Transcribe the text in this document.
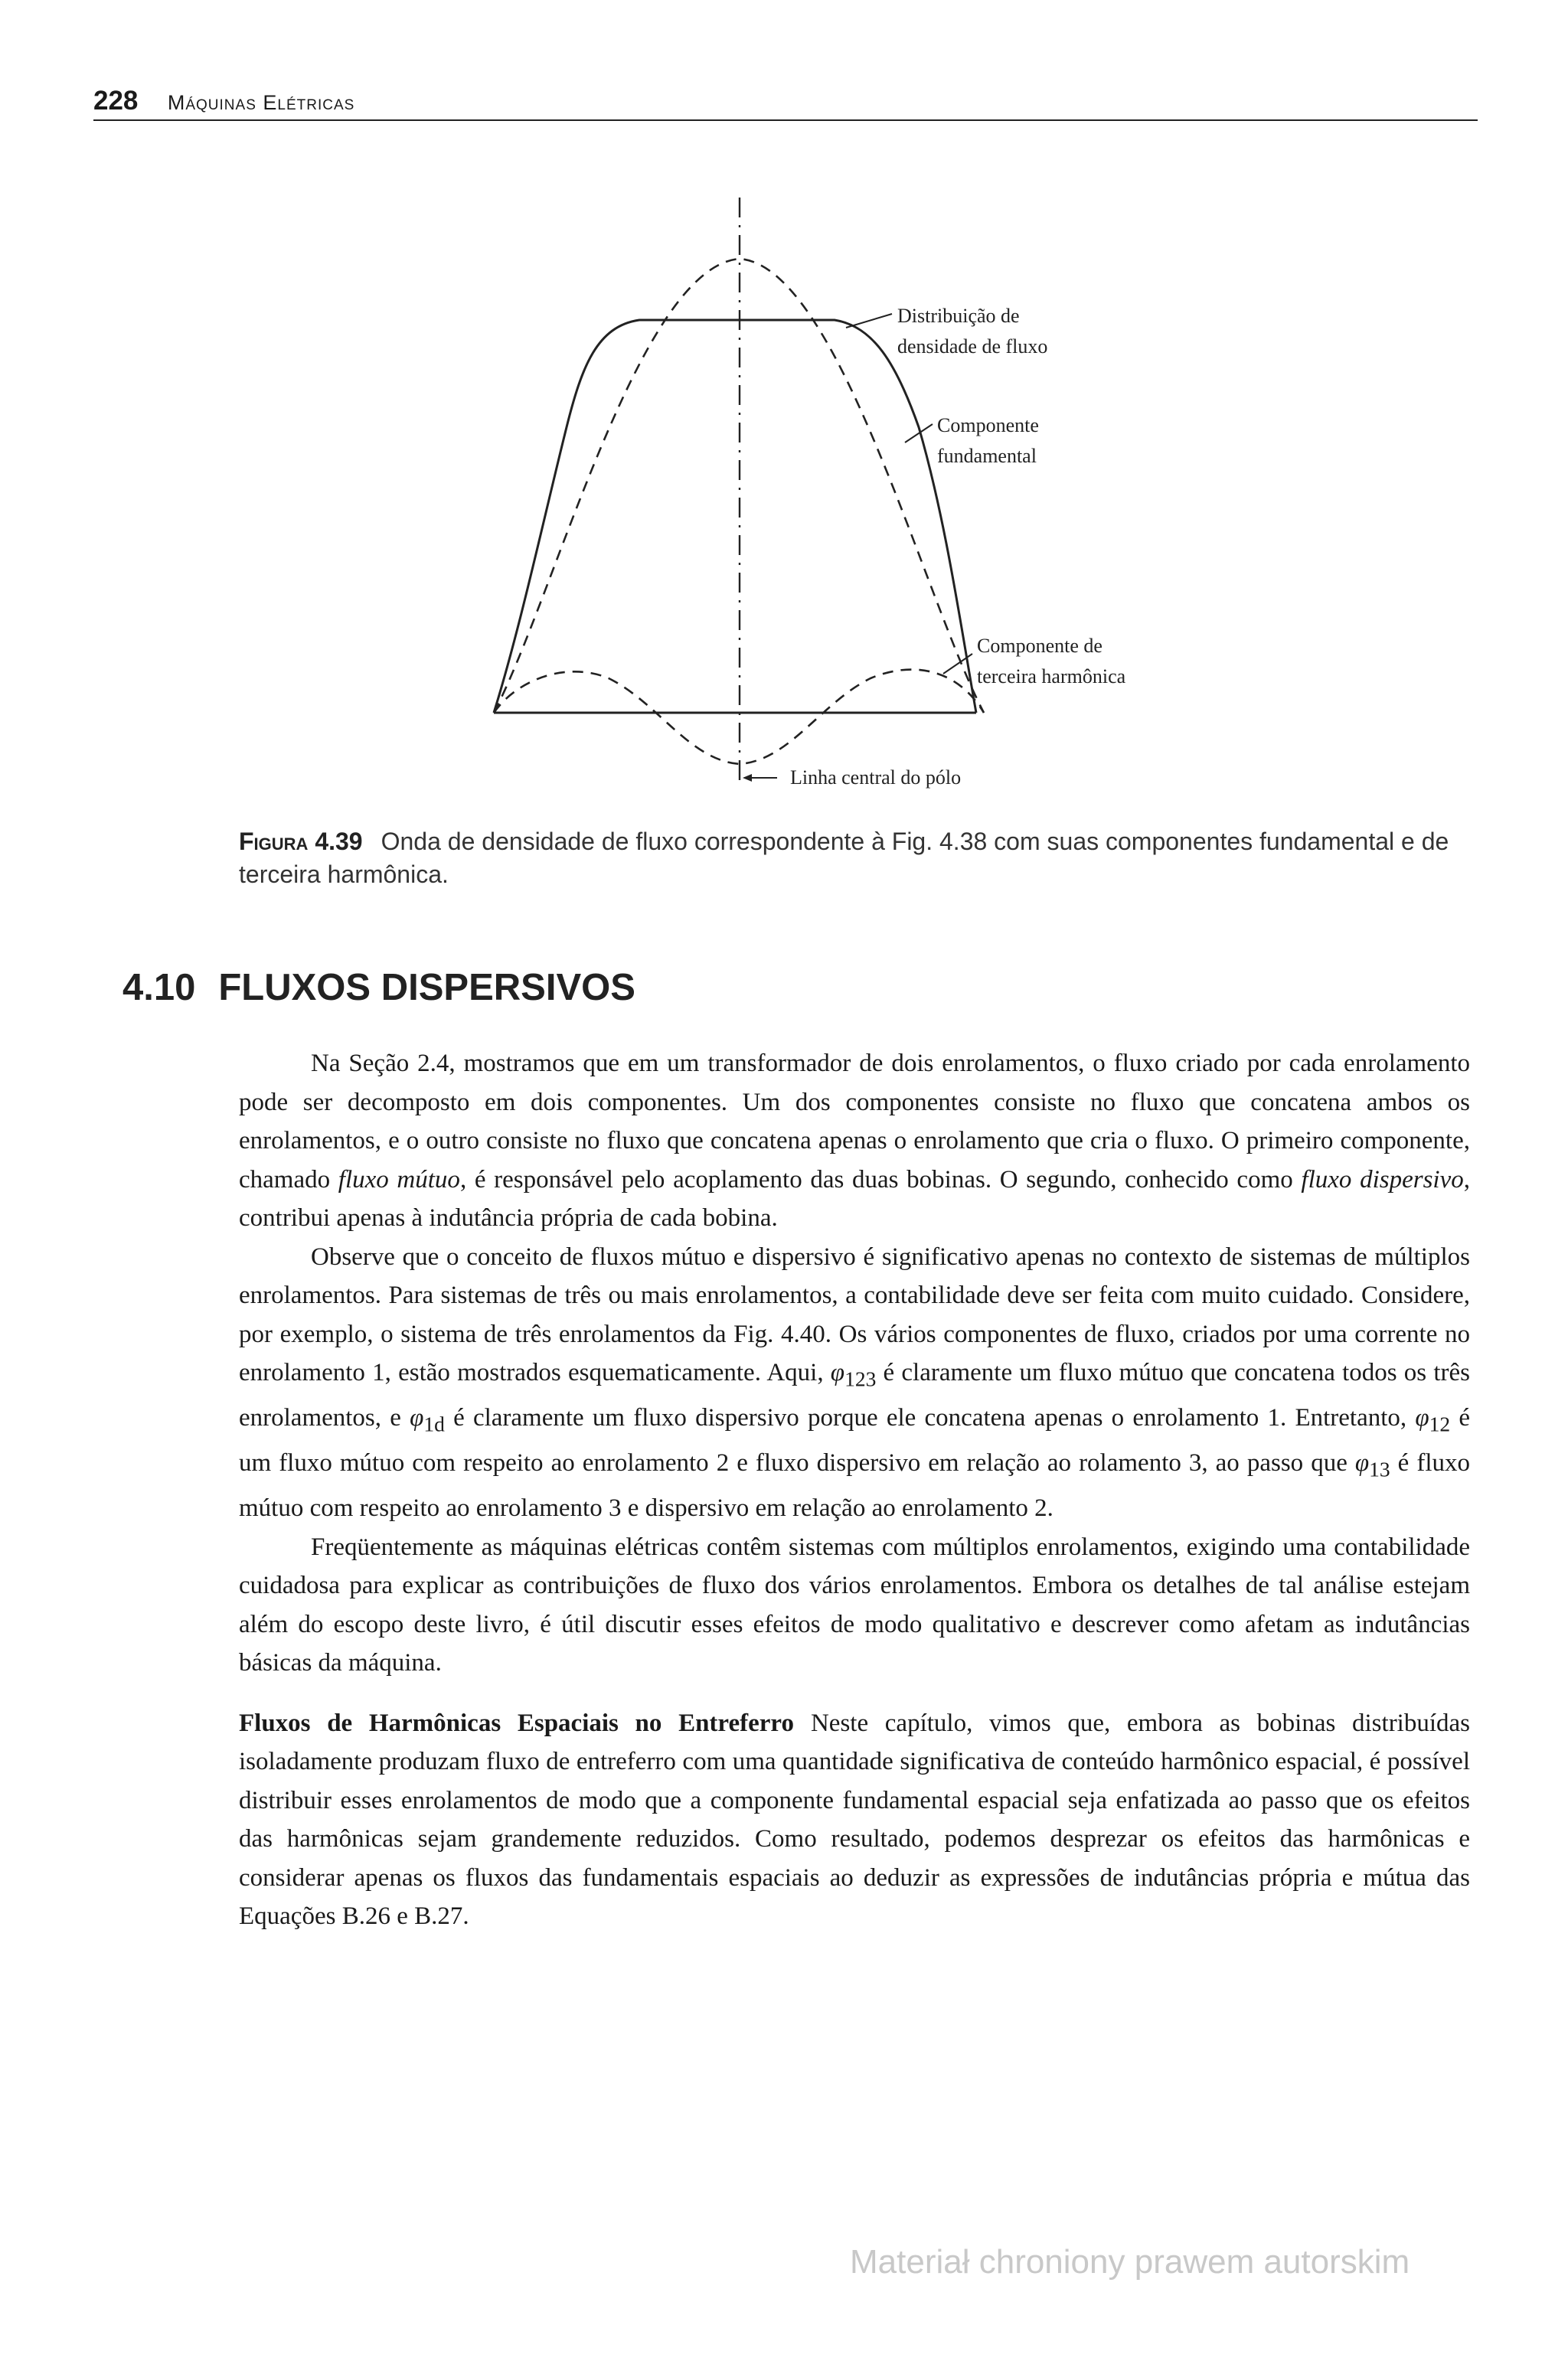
228 Máquinas Elétricas
Distribuição de
densidade de fluxo
Componente
fundamental
Componente de
terceira harmônica
Linha central do pólo
Figura 4.39 Onda de densidade de fluxo correspondente à Fig. 4.38 com suas componentes fundamental e de terceira harmônica.
4.10 FLUXOS DISPERSIVOS

Na Seção 2.4, mostramos que em um transformador de dois enrolamentos, o fluxo criado por cada enrolamento pode ser decomposto em dois componentes. Um dos componentes consiste no fluxo que concatena ambos os enrolamentos, e o outro consiste no fluxo que concatena apenas o enrolamento que cria o fluxo. O primeiro componente, chamado fluxo mútuo, é responsável pelo acoplamento das duas bobinas. O segundo, conhecido como fluxo dispersivo, contribui apenas à indutância própria de cada bobina.

Observe que o conceito de fluxos mútuo e dispersivo é significativo apenas no contexto de sistemas de múltiplos enrolamentos. Para sistemas de três ou mais enrolamentos, a contabilidade deve ser feita com muito cuidado. Considere, por exemplo, o sistema de três enrolamentos da Fig. 4.40. Os vários componentes de fluxo, criados por uma corrente no enrolamento 1, estão mostrados esquematicamente. Aqui, $\varphi_{123}$ é claramente um fluxo mútuo que concatena todos os três enrolamentos, e $\varphi_{1d}$ é claramente um fluxo dispersivo porque ele concatena apenas o enrolamento 1. Entretanto, $\varphi_{12}$ é um fluxo mútuo com respeito ao enrolamento 2 e fluxo dispersivo em relação ao rolamento 3, ao passo que $\varphi_{13}$ é fluxo mútuo com respeito ao enrolamento 3 e dispersivo em relação ao enrolamento 2.

Freqüentemente as máquinas elétricas contêm sistemas com múltiplos enrolamentos, exigindo uma contabilidade cuidadosa para explicar as contribuições de fluxo dos vários enrolamentos. Embora os detalhes de tal análise estejam além do escopo deste livro, é útil discutir esses efeitos de modo qualitativo e descrever como afetam as indutâncias básicas da máquina.

Fluxos de Harmônicas Espaciais no Entreferro Neste capítulo, vimos que, embora as bobinas distribuídas isoladamente produzam fluxo de entreferro com uma quantidade significativa de conteúdo harmônico espacial, é possível distribuir esses enrolamentos de modo que a componente fundamental espacial seja enfatizada ao passo que os efeitos das harmônicas sejam grandemente reduzidos. Como resultado, podemos desprezar os efeitos das harmônicas e considerar apenas os fluxos das fundamentais espaciais ao deduzir as expressões de indutâncias própria e mútua das Equações B.26 e B.27.

Materiał chroniony prawem autorskim
